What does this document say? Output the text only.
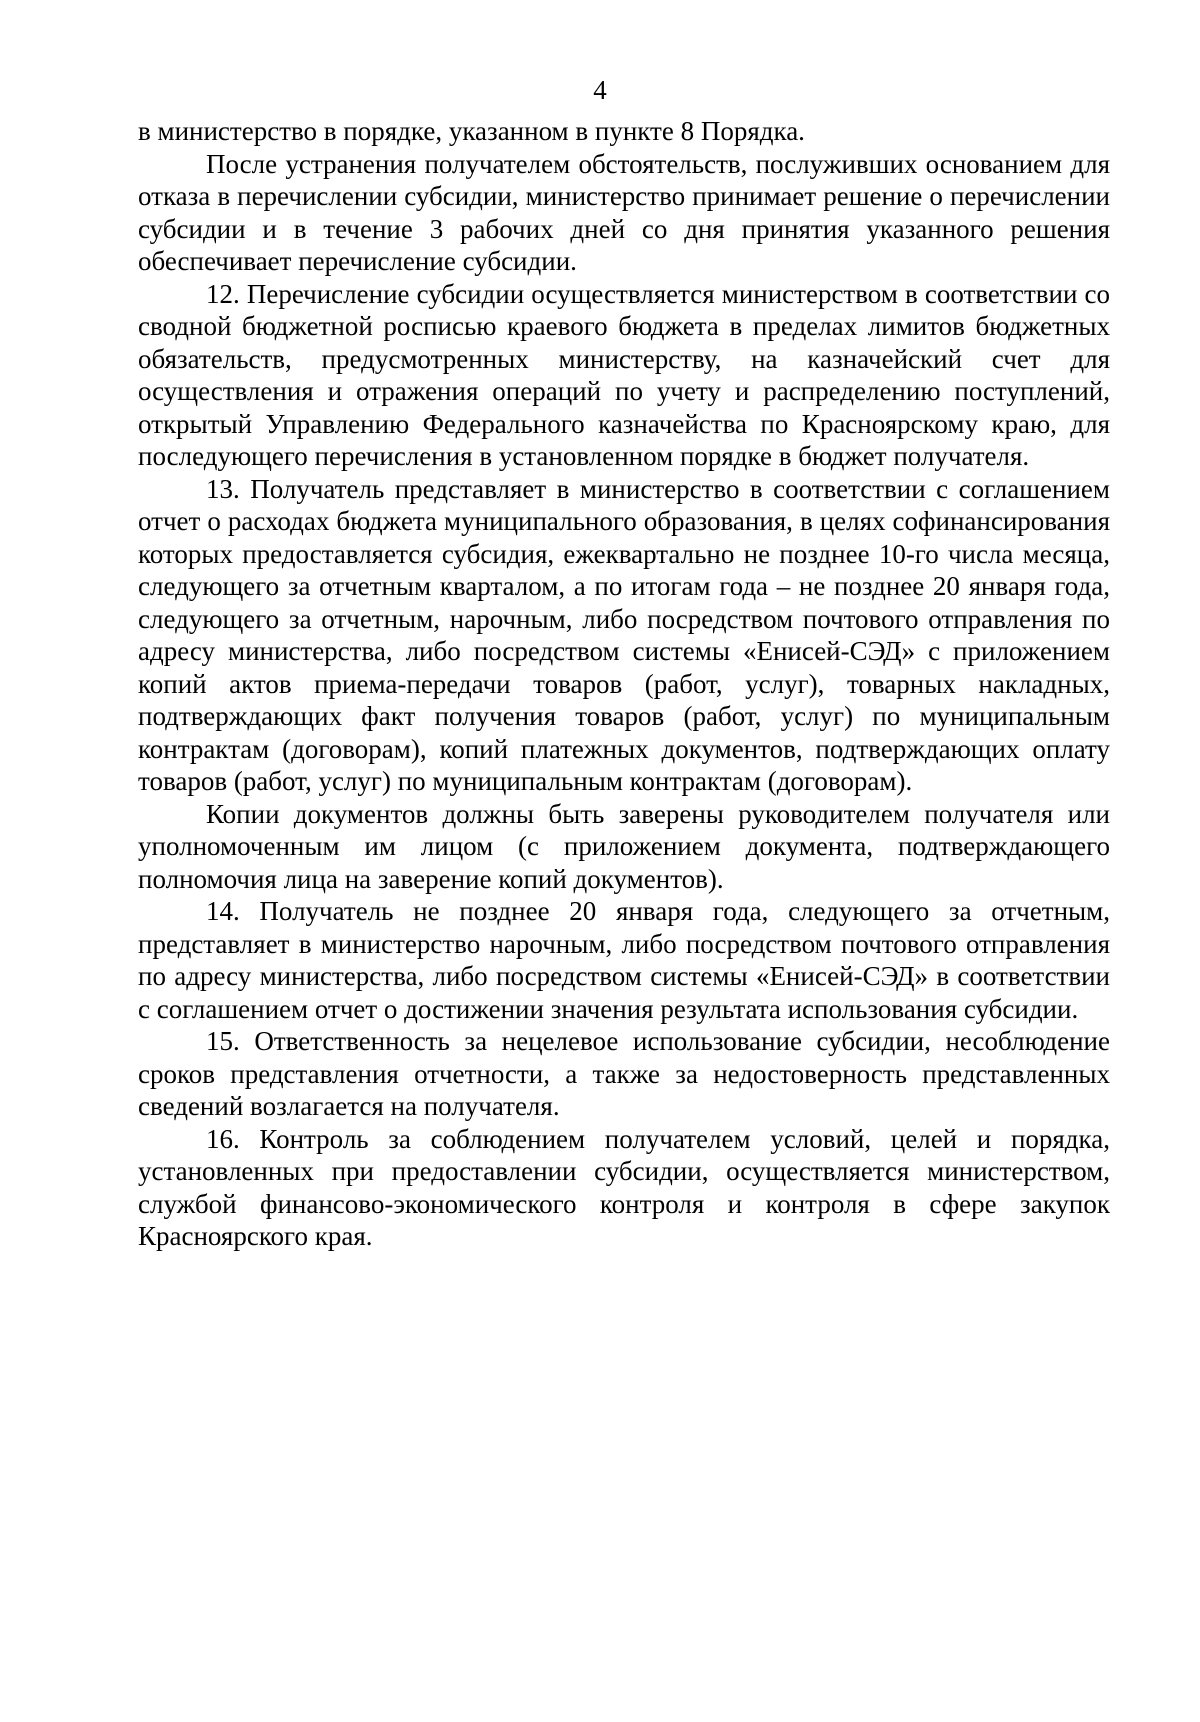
4

в министерство в порядке, указанном в пункте 8 Порядка.

После устранения получателем обстоятельств, послуживших основанием для отказа в перечислении субсидии, министерство принимает решение о перечислении субсидии и в течение 3 рабочих дней со дня принятия указанного решения обеспечивает перечисление субсидии.

12. Перечисление субсидии осуществляется министерством в соответствии со сводной бюджетной росписью краевого бюджета в пределах лимитов бюджетных обязательств, предусмотренных министерству, на казначейский счет для осуществления и отражения операций по учету и распределению поступлений, открытый Управлению Федерального казначейства по Красноярскому краю, для последующего перечисления в установленном порядке в бюджет получателя.

13. Получатель представляет в министерство в соответствии с соглашением отчет о расходах бюджета муниципального образования, в целях софинансирования которых предоставляется субсидия, ежеквартально не позднее 10-го числа месяца, следующего за отчетным кварталом, а по итогам года – не позднее 20 января года, следующего за отчетным, нарочным, либо посредством почтового отправления по адресу министерства, либо посредством системы «Енисей-СЭД» с приложением копий актов приема-передачи товаров (работ, услуг), товарных накладных, подтверждающих факт получения товаров (работ, услуг) по муниципальным контрактам (договорам), копий платежных документов, подтверждающих оплату товаров (работ, услуг) по муниципальным контрактам (договорам).

Копии документов должны быть заверены руководителем получателя или уполномоченным им лицом (с приложением документа, подтверждающего полномочия лица на заверение копий документов).

14. Получатель не позднее 20 января года, следующего за отчетным, представляет в министерство нарочным, либо посредством почтового отправления по адресу министерства, либо посредством системы «Енисей-СЭД» в соответствии с соглашением отчет о достижении значения результата использования субсидии.

15. Ответственность за нецелевое использование субсидии, несоблюдение сроков представления отчетности, а также за недостоверность представленных сведений возлагается на получателя.

16. Контроль за соблюдением получателем условий, целей и порядка, установленных при предоставлении субсидии, осуществляется министерством, службой финансово-экономического контроля и контроля в сфере закупок Красноярского края.
